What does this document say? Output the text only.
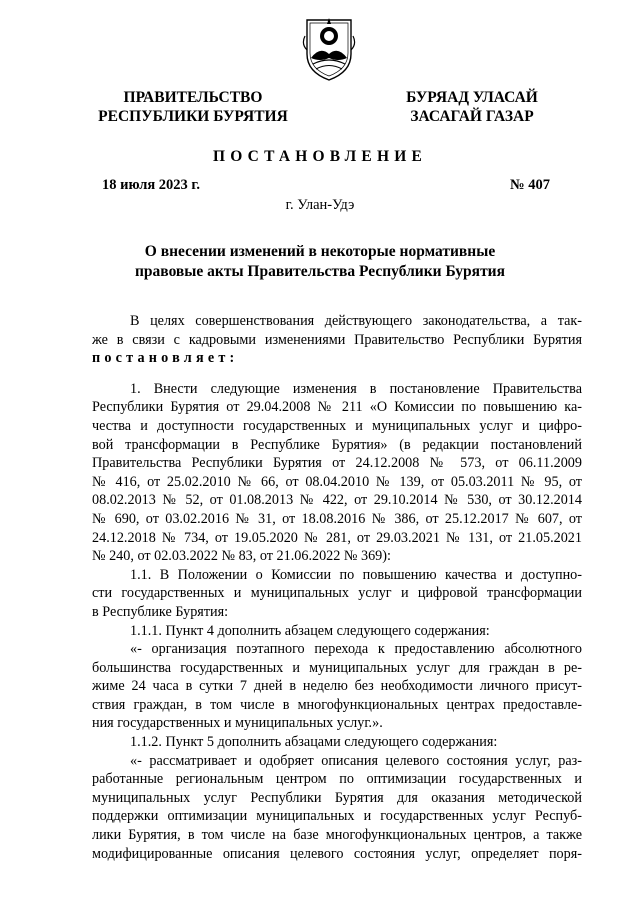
ПРАВИТЕЛЬСТВО
РЕСПУБЛИКИ БУРЯТИЯ
БУРЯАД УЛАСАЙ
ЗАСАГАЙ ГАЗАР
ПОСТАНОВЛЕНИЕ
18 июля 2023 г.	№ 407
г. Улан-Удэ
О внесении изменений в некоторые нормативные
правовые акты Правительства Республики Бурятия

В целях совершенствования действующего законодательства, а так-
же в связи с кадровыми изменениями Правительство Республики Бурятия
постановляет:

1. Внести следующие изменения в постановление Правительства
Республики Бурятия от 29.04.2008 № 211 «О Комиссии по повышению ка-
чества и доступности государственных и муниципальных услуг и цифро-
вой трансформации в Республике Бурятия» (в редакции постановлений
Правительства Республики Бурятия от 24.12.2008 № 573, от 06.11.2009
№ 416, от 25.02.2010 № 66, от 08.04.2010 № 139, от 05.03.2011 № 95, от
08.02.2013 № 52, от 01.08.2013 № 422, от 29.10.2014 № 530, от 30.12.2014
№ 690, от 03.02.2016 № 31, от 18.08.2016 № 386, от 25.12.2017 № 607, от
24.12.2018 № 734, от 19.05.2020 № 281, от 29.03.2021 № 131, от 21.05.2021
№ 240, от 02.03.2022 № 83, от 21.06.2022 № 369):

1.1. В Положении о Комиссии по повышению качества и доступно-
сти государственных и муниципальных услуг и цифровой трансформации
в Республике Бурятия:

1.1.1. Пункт 4 дополнить абзацем следующего содержания:

«- организация поэтапного перехода к предоставлению абсолютного
большинства государственных и муниципальных услуг для граждан в ре-
жиме 24 часа в сутки 7 дней в неделю без необходимости личного присут-
ствия граждан, в том числе в многофункциональных центрах предоставле-
ния государственных и муниципальных услуг.».

1.1.2. Пункт 5 дополнить абзацами следующего содержания:

«- рассматривает и одобряет описания целевого состояния услуг, раз-
работанные региональным центром по оптимизации государственных и
муниципальных услуг Республики Бурятия для оказания методической
поддержки оптимизации муниципальных и государственных услуг Респуб-
лики Бурятия, в том числе на базе многофункциональных центров, а также
модифицированные описания целевого состояния услуг, определяет поря-
